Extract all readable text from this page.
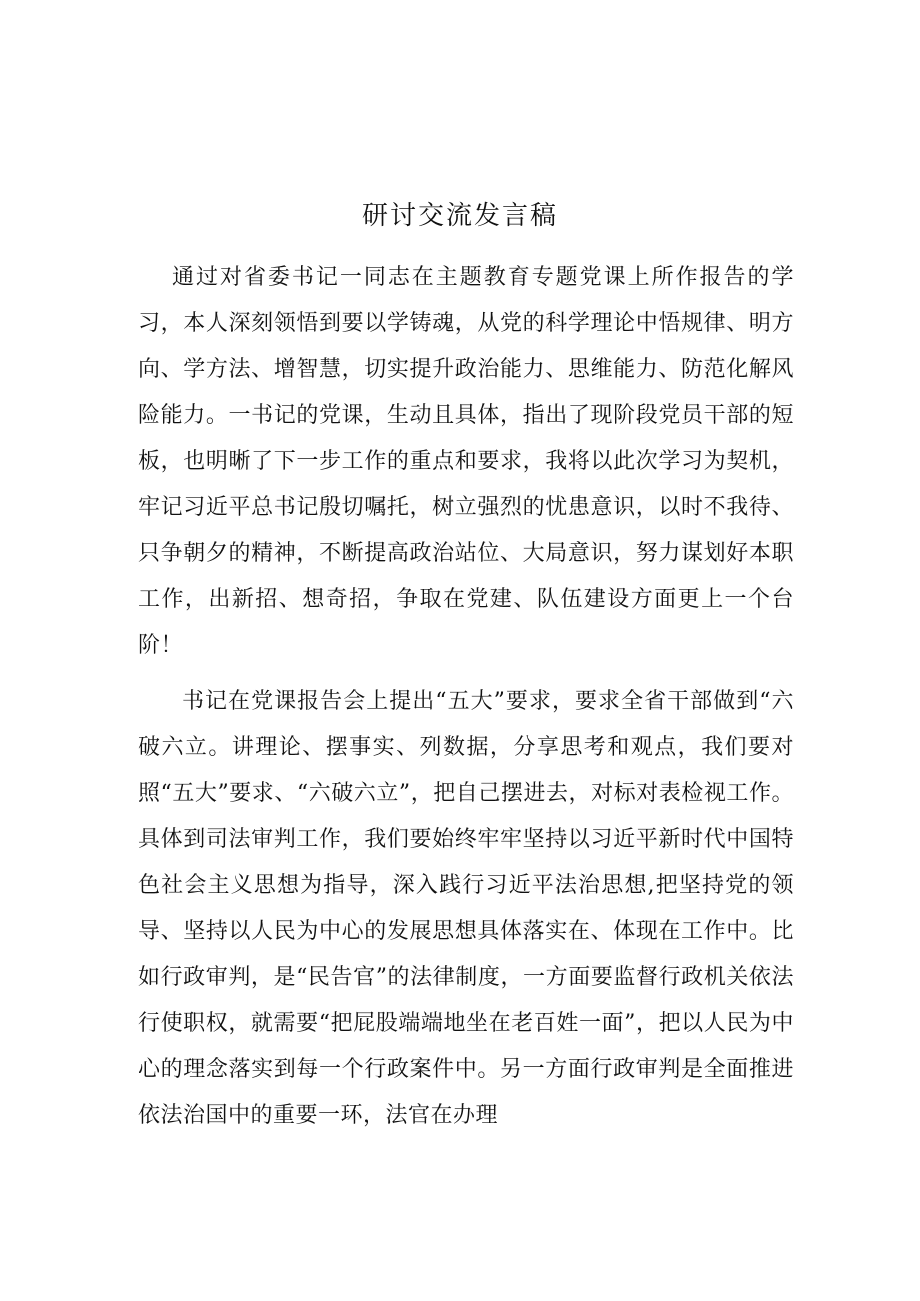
研讨交流发言稿

通过对省委书记一同志在主题教育专题党课上所作报告的学习，本人深刻领悟到要以学铸魂，从党的科学理论中悟规律、明方向、学方法、增智慧，切实提升政治能力、思维能力、防范化解风险能力。一书记的党课，生动且具体，指出了现阶段党员干部的短板，也明晰了下一步工作的重点和要求，我将以此次学习为契机，牢记习近平总书记殷切嘱托，树立强烈的忧患意识，以时不我待、只争朝夕的精神，不断提高政治站位、大局意识，努力谋划好本职工作，出新招、想奇招，争取在党建、队伍建设方面更上一个台阶！

书记在党课报告会上提出“五大”要求，要求全省干部做到“六破六立。讲理论、摆事实、列数据，分享思考和观点，我们要对照“五大”要求、“六破六立”，把自己摆进去，对标对表检视工作。具体到司法审判工作，我们要始终牢牢坚持以习近平新时代中国特色社会主义思想为指导，深入践行习近平法治思想,把坚持党的领导、坚持以人民为中心的发展思想具体落实在、体现在工作中。比如行政审判，是“民告官”的法律制度，一方面要监督行政机关依法行使职权，就需要“把屁股端端地坐在老百姓一面”，把以人民为中心的理念落实到每一个行政案件中。另一方面行政审判是全面推进依法治国中的重要一环，法官在办理
